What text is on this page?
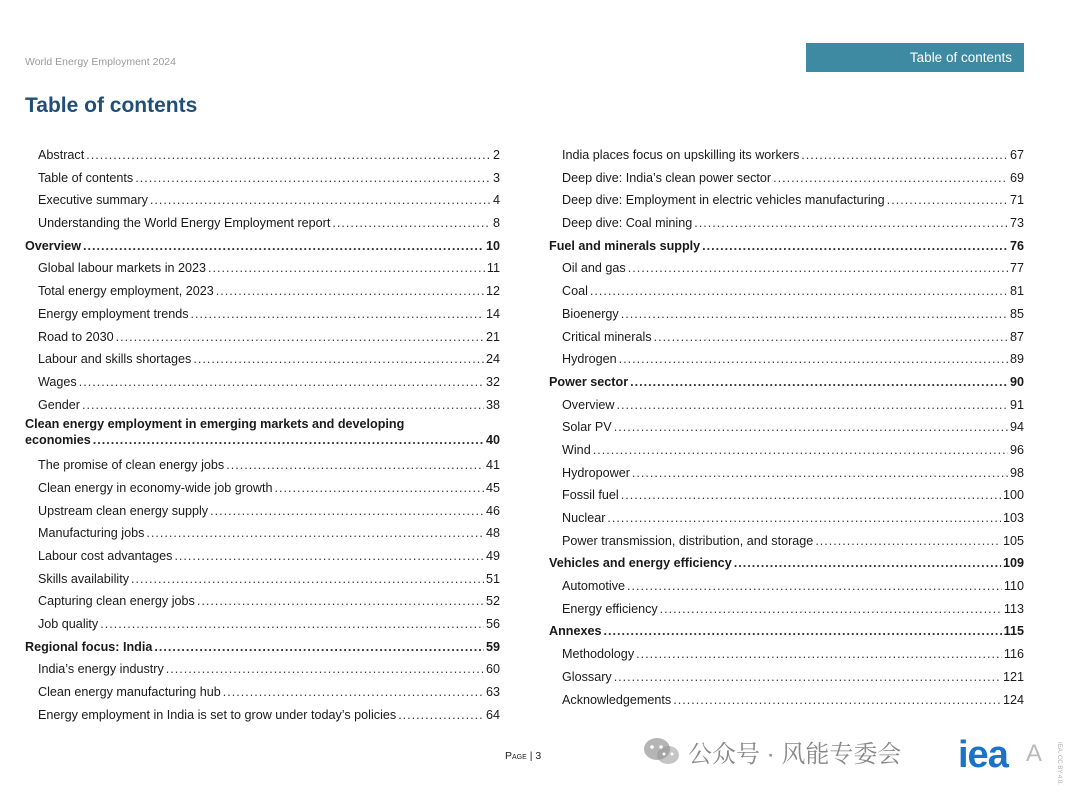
World Energy Employment 2024	Table of contents
Table of contents
Abstract .....	2
Table of contents .....	3
Executive summary .....	4
Understanding the World Energy Employment report .....	8
Overview .....	10
Global labour markets in 2023 .....	11
Total energy employment, 2023 .....	12
Energy employment trends .....	14
Road to 2030 .....	21
Labour and skills shortages .....	24
Wages .....	32
Gender .....	38
Clean energy employment in emerging markets and developing
economies .....	40
The promise of clean energy jobs .....	41
Clean energy in economy-wide job growth .....	45
Upstream clean energy supply .....	46
Manufacturing jobs .....	48
Labour cost advantages .....	49
Skills availability .....	51
Capturing clean energy jobs .....	52
Job quality .....	56
Regional focus: India .....	59
India’s energy industry .....	60
Clean energy manufacturing hub .....	63
Energy employment in India is set to grow under today’s policies .....	64
India places focus on upskilling its workers .....	67
Deep dive: India’s clean power sector .....	69
Deep dive: Employment in electric vehicles manufacturing .....	71
Deep dive: Coal mining .....	73
Fuel and minerals supply .....	76
Oil and gas .....	77
Coal .....	81
Bioenergy .....	85
Critical minerals .....	87
Hydrogen .....	89
Power sector .....	90
Overview .....	91
Solar PV .....	94
Wind .....	96
Hydropower .....	98
Fossil fuel .....	100
Nuclear .....	103
Power transmission, distribution, and storage .....	105
Vehicles and energy efficiency .....	109
Automotive .....	110
Energy efficiency .....	113
Annexes .....	115
Methodology .....	116
Glossary .....	121
Acknowledgements .....	124
Page | 3	公众号 · 风能专委会 iea A IEA. CC BY 4.0.
